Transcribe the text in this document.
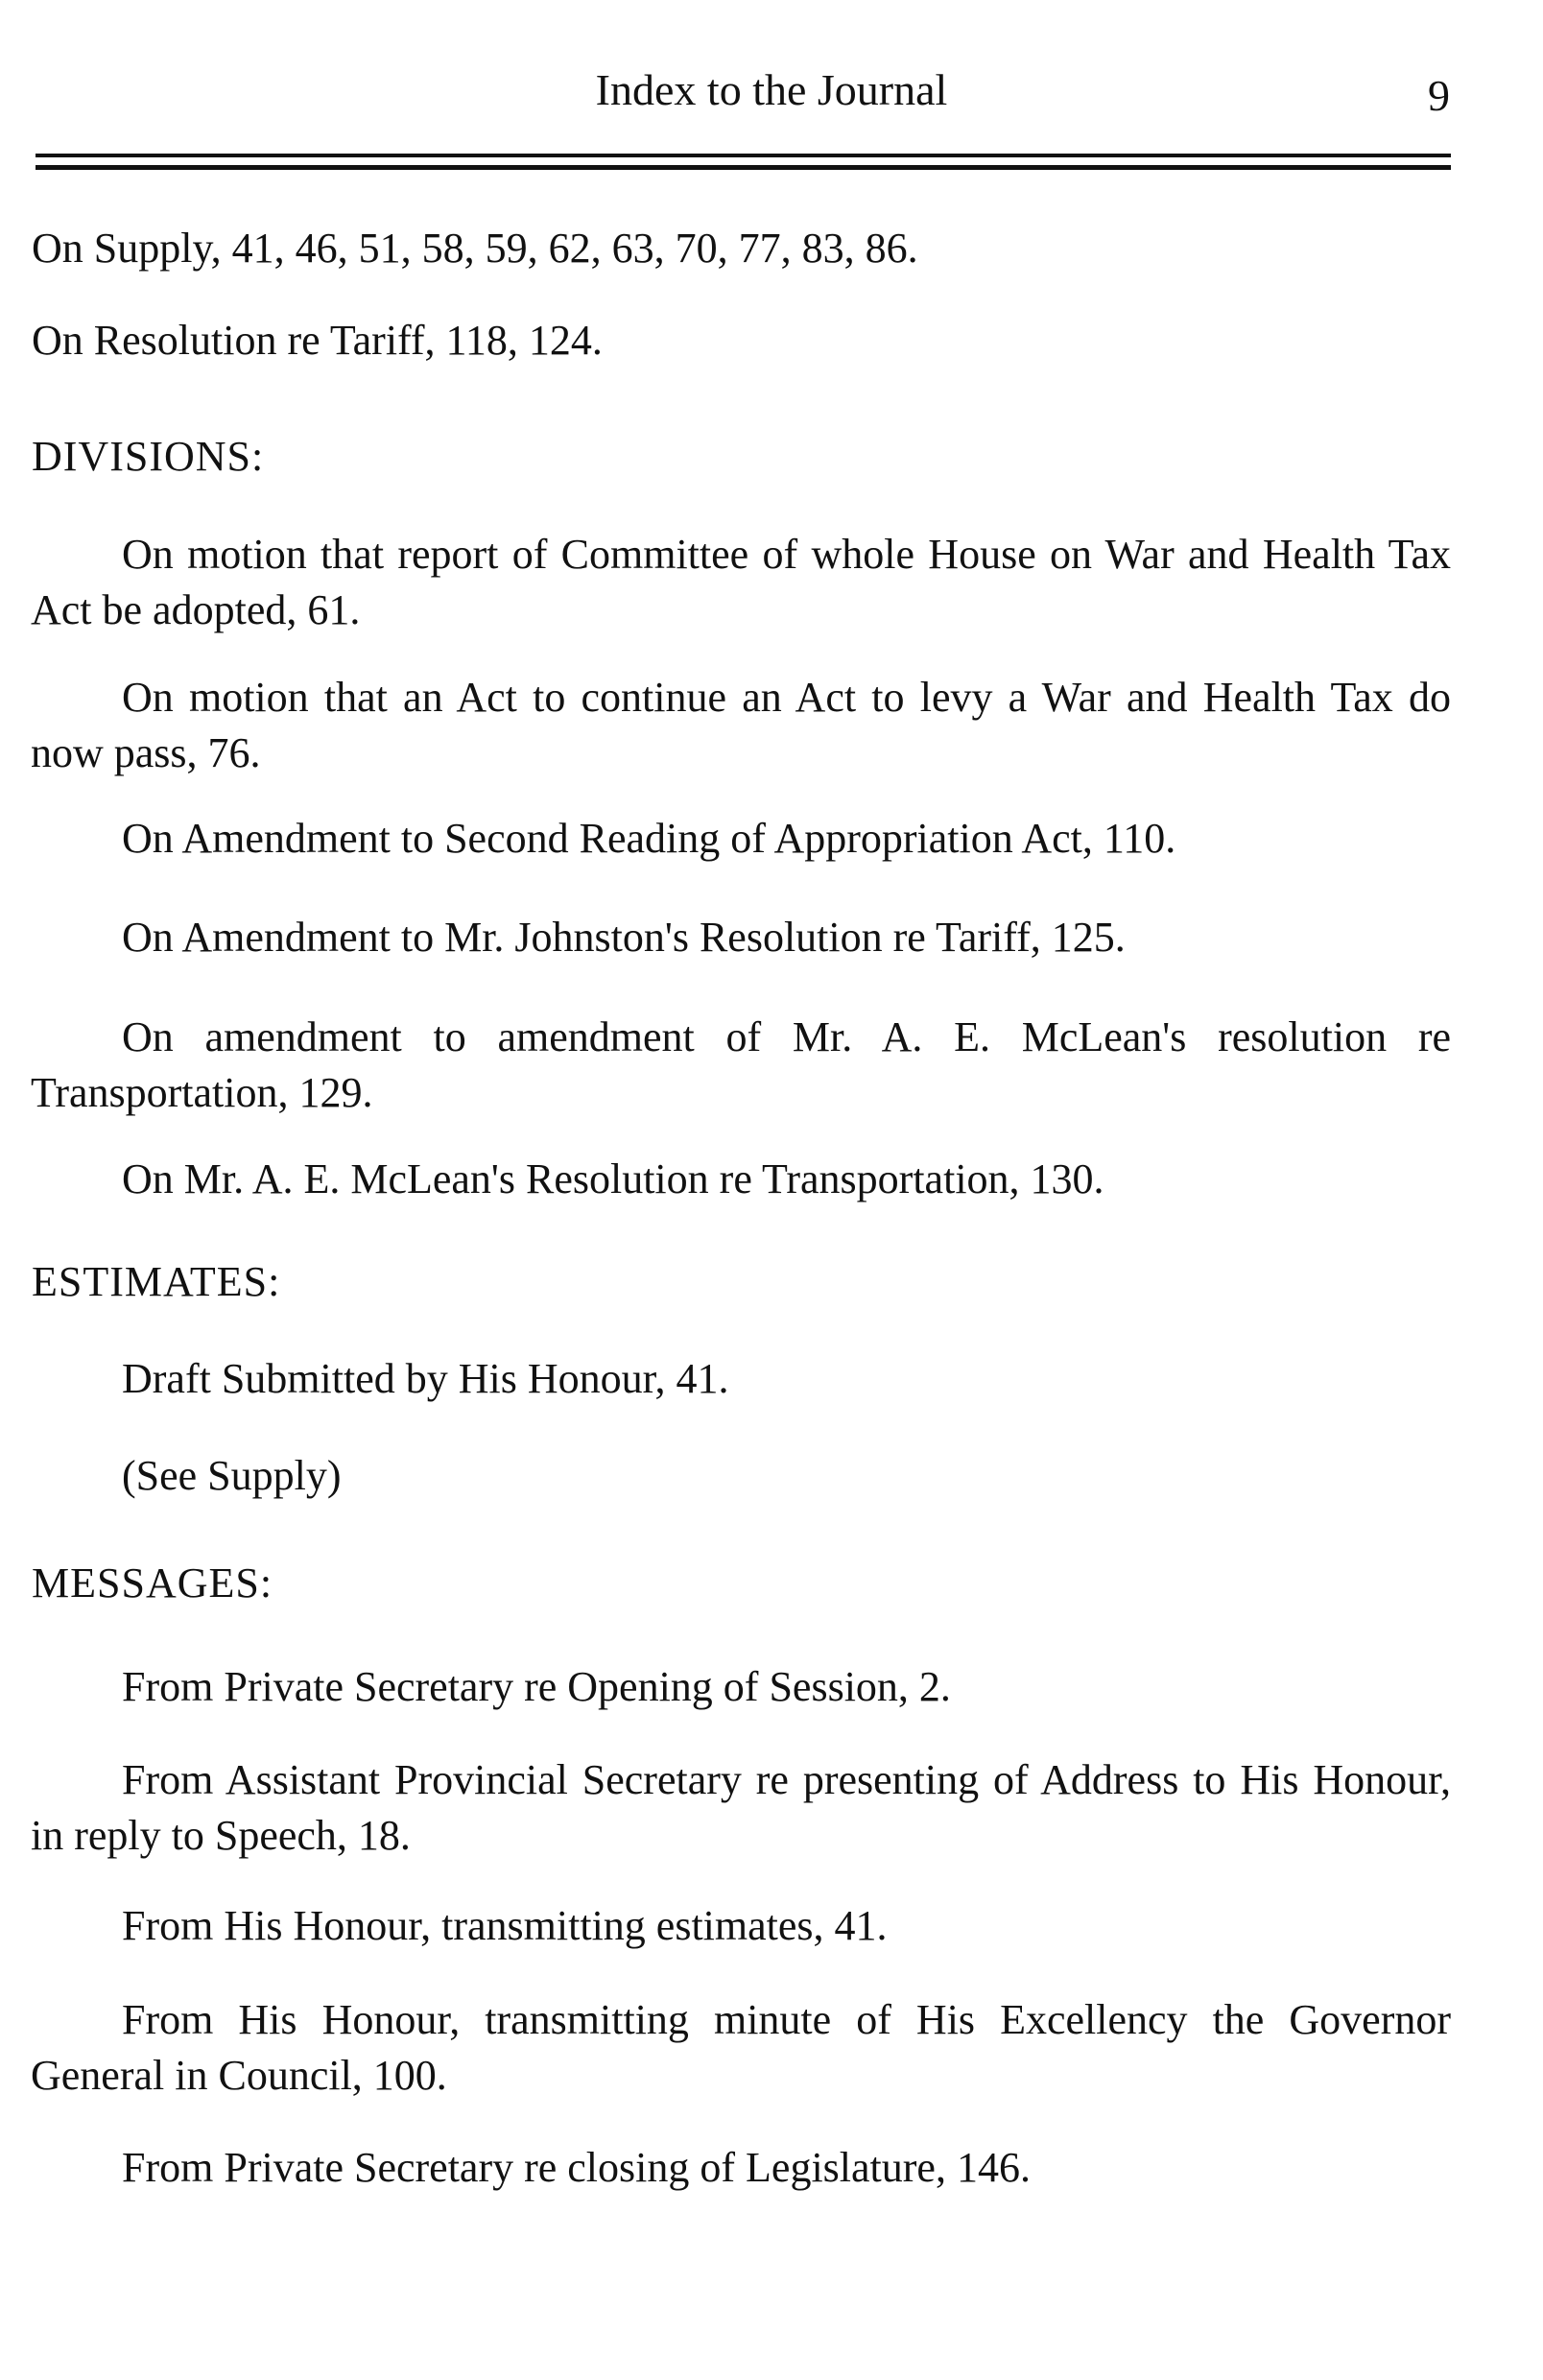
Index to the Journal	9

On Supply, 41, 46, 51, 58, 59, 62, 63, 70, 77, 83, 86.

On Resolution re Tariff, 118, 124.

DIVISIONS:

On motion that report of Committee of whole House on War and Health Tax Act be adopted, 61.

On motion that an Act to continue an Act to levy a War and Health Tax do now pass, 76.

On Amendment to Second Reading of Appropriation Act, 110.

On Amendment to Mr. Johnston's Resolution re Tariff, 125.

On amendment to amendment of Mr. A. E. McLean's resolution re Transportation, 129.

On Mr. A. E. McLean's Resolution re Transportation, 130.

ESTIMATES:

Draft Submitted by His Honour, 41.

(See Supply)

MESSAGES:

From Private Secretary re Opening of Session, 2.

From Assistant Provincial Secretary re presenting of Address to His Honour, in reply to Speech, 18.

From His Honour, transmitting estimates, 41.

From His Honour, transmitting minute of His Excellency the Governor General in Council, 100.

From Private Secretary re closing of Legislature, 146.
